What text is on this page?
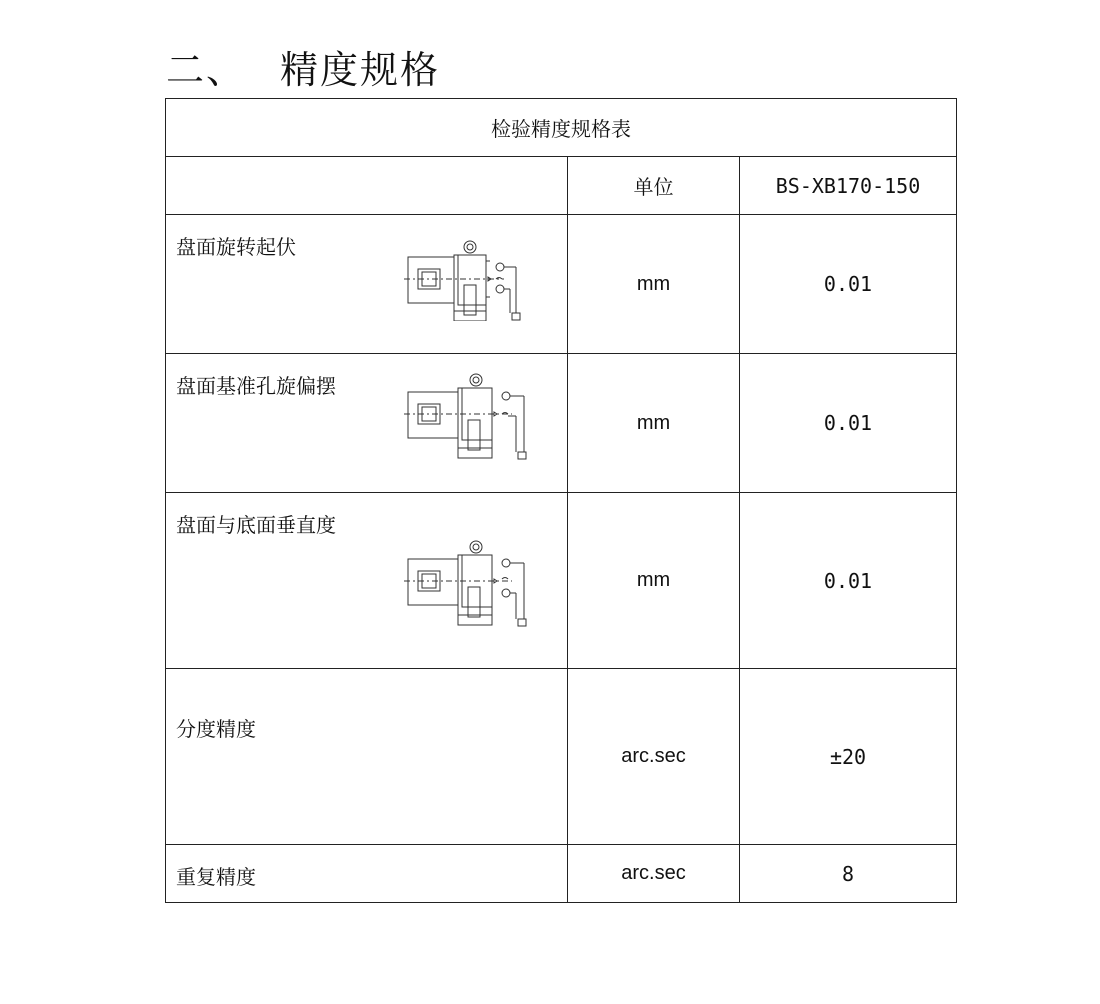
二、 精度规格
检验精度规格表		
	单位	BS-XB170-150

盘面旋转起伏	mm	0.01

盘面基准孔旋偏摆	mm	0.01

盘面与底面垂直度	mm	0.01

分度精度	arc.sec	±20

重复精度	arc.sec	8
